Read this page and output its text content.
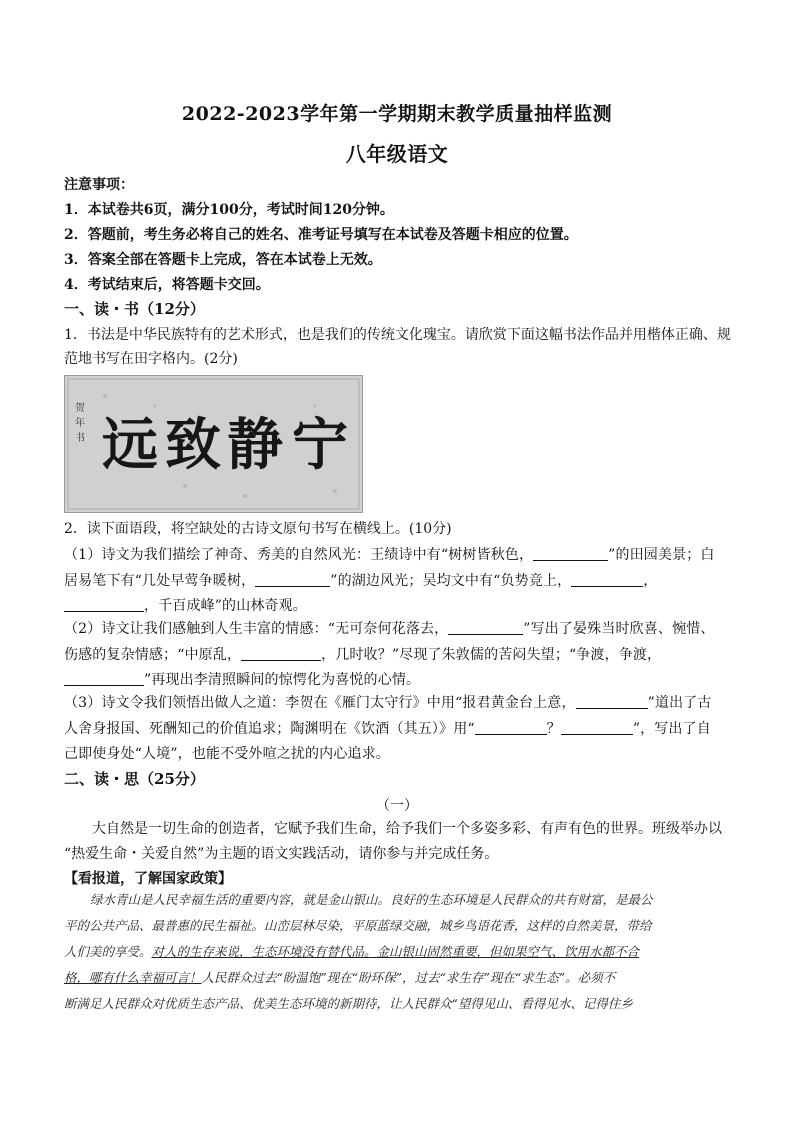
2022-2023学年第一学期期末教学质量抽样监测
八年级语文
注意事项：
1．本试卷共6页，满分100分，考试时间120分钟。
2．答题前，考生务必将自己的姓名、准考证号填写在本试卷及答题卡相应的位置。
3．答案全部在答题卡上完成，答在本试卷上无效。
4．考试结束后，将答题卡交回。
一、读・书（12分）
1．书法是中华民族特有的艺术形式，也是我们的传统文化瑰宝。请欣赏下面这幅书法作品并用楷体正确、规
范地书写在田字格内。(2分)
贺
年
书	宁
静
致
远
2．读下面语段，将空缺处的古诗文原句书写在横线上。(10分)
（1）诗文为我们描绘了神奇、秀美的自然风光：王绩诗中有“树树皆秋色，	”的田园美景；白
居易笔下有“几处早莺争暖树，	”的湖边风光；吴均文中有“负势竞上，	，
，千百成峰”的山林奇观。
（2）诗文让我们感触到人生丰富的情感：“无可奈何花落去，	”写出了晏殊当时欣喜、惋惜、
伤感的复杂情感；“中原乱，	，几时收？”尽现了朱敦儒的苦闷失望；“争渡，争渡，
”再现出李清照瞬间的惊愕化为喜悦的心情。
（3）诗文令我们领悟出做人之道：李贺在《雁门太守行》中用“报君黄金台上意，	”道出了古
人舍身报国、死酬知己的价值追求；陶渊明在《饮酒（其五）》用“	？	”，写出了自
己即使身处“人境”，也能不受外喧之扰的内心追求。
二、读・思（25分）
（一）
大自然是一切生命的创造者，它赋予我们生命，给予我们一个多姿多彩、有声有色的世界。班级举办以
“热爱生命・关爱自然”为主题的语文实践活动，请你参与并完成任务。
【看报道，了解国家政策】
绿水青山是人民幸福生活的重要内容，就是金山银山。良好的生态环境是人民群众的共有财富，是最公
平的公共产品、最普惠的民生福祉。山峦层林尽染，平原蓝绿交融，城乡鸟语花香，这样的自然美景，带给
人们美的享受。对人的生存来说，生态环境没有替代品。金山银山固然重要，但如果空气、饮用水都不合
格，哪有什么幸福可言！人民群众过去“盼温饱”现在“盼环保”，过去“求生存”现在“求生态”。必须不
断满足人民群众对优质生态产品、优美生态环境的新期待，让人民群众“望得见山、看得见水、记得住乡
